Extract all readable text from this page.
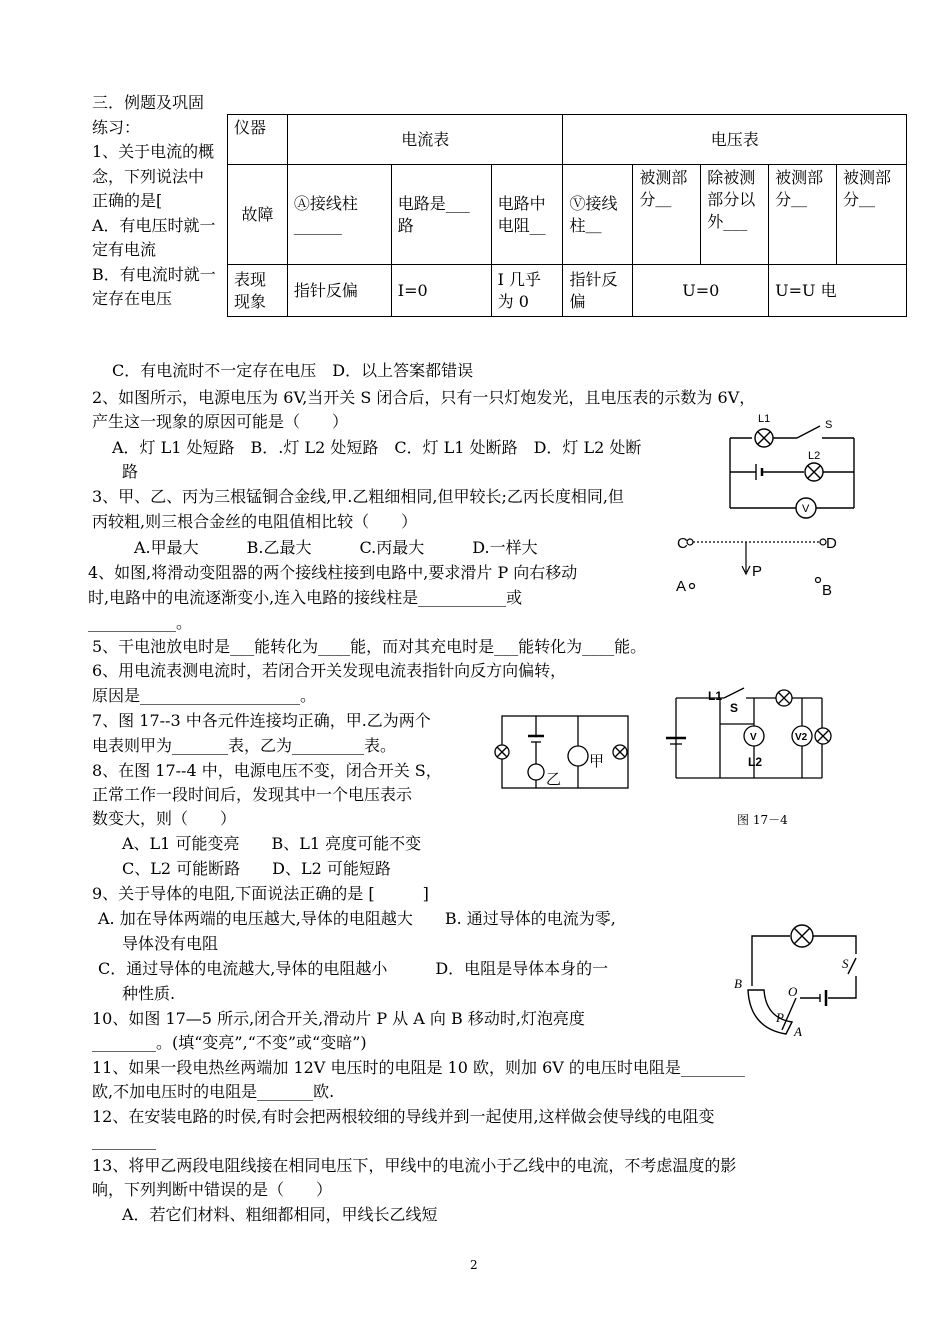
三．例题及巩固练习：
1、关于电流的概念，下列说法中正确的是[
A．有电压时就一定有电流
B．有电流时就一定存在电压
仪器	电流表			电压表				
故障	Ⓐ接线柱______	电路是___路	电路中电阻__	Ⓥ接线柱＿	被测部分＿	除被测部分以外___	被测部分＿	被测部分＿
表现现象	指针反偏	I=0	I 几乎为 0	指针反偏	U=0		U=U 电	
C．有电流时不一定存在电压　D．以上答案都错误
2、如图所示，电源电压为 6V,当开关 S 闭合后，只有一只灯炮发光，且电压表的示数为 6V，
产生这一现象的原因可能是（　　）
A．灯 L1 处短路　B．.灯 L2 处短路　C．灯 L1 处断路　D．灯 L2 处断
路
L1	S
L2
V
3、甲、乙、丙为三根锰铜合金线,甲.乙粗细相同,但甲较长;乙丙长度相同,但
丙较粗,则三根合金丝的电阻值相比较（　　）
A.甲最大　　　B.乙最大　　　C.丙最大　　　D.一样大
4、如图,将滑动变阻器的两个接线柱接到电路中,要求滑片 P 向右移动
时,电路中的电流逐渐变小,连入电路的接线柱是___________或
___________。
C	D
A	B
P
5、干电池放电时是___能转化为____能，而对其充电时是___能转化为____能。
6、用电流表测电流时，若闭合开关发现电流表指针向反方向偏转，
原因是____________________。
7、图 17--3 中各元件连接均正确，甲.乙为两个
电表则甲为_______表，乙为_________表。
乙
甲
8、在图 17--4 中，电源电压不变，闭合开关 S，
正常工作一段时间后，发现其中一个电压表示
数变大，则（　　）
A、L1 可能变亮　　B、L1 亮度可能不变
C、L2 可能断路　　D、L2 可能短路
L1
S
V	V2
L2
图 17－4
9、关于导体的电阻,下面说法正确的是 [　　　]
A. 加在导体两端的电压越大,导体的电阻越大　　B. 通过导体的电流为零,
导体没有电阻
C．通过导体的电流越大,导体的电阻越小　　　D．电阻是导体本身的一
种性质.
S
B
O
P
A
10、如图 17—5 所示,闭合开关,滑动片 P 从 A 向 B 移动时,灯泡亮度
________。(填“变亮”,“不变”或“变暗”)
11、如果一段电热丝两端加 12V 电压时的电阻是 10 欧，则加 6V 的电压时电阻是________
欧,不加电压时的电阻是_______欧.
12、在安装电路的时侯,有时会把两根较细的导线并到一起使用,这样做会使导线的电阻变
________
13、将甲乙两段电阻线接在相同电压下，甲线中的电流小于乙线中的电流，不考虑温度的影
响，下列判断中错误的是（　　）
A．若它们材料、粗细都相同，甲线长乙线短
2
